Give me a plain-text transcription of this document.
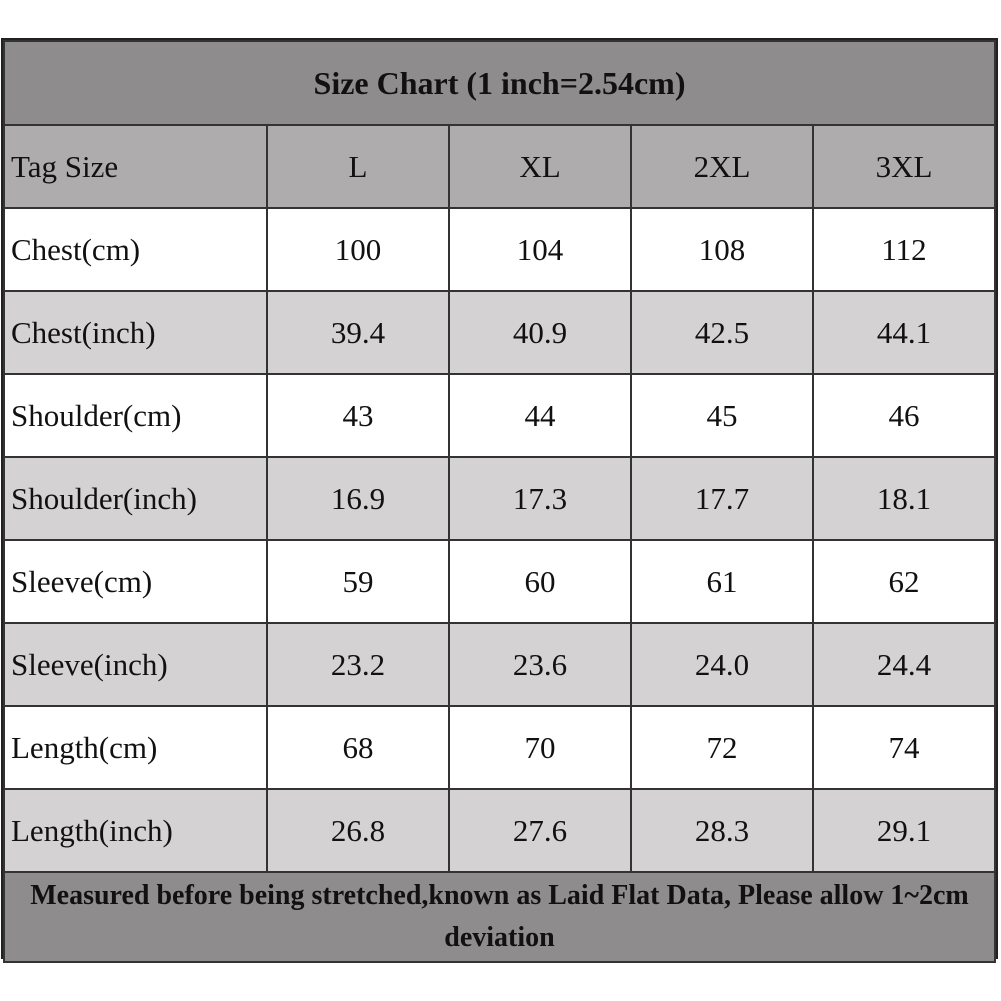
Size Chart (1 inch=2.54cm)				
Tag Size	L	XL	2XL	3XL
Chest(cm)	100	104	108	112
Chest(inch)	39.4	40.9	42.5	44.1
Shoulder(cm)	43	44	45	46
Shoulder(inch)	16.9	17.3	17.7	18.1
Sleeve(cm)	59	60	61	62
Sleeve(inch)	23.2	23.6	24.0	24.4
Length(cm)	68	70	72	74
Length(inch)	26.8	27.6	28.3	29.1
Measured before being stretched,known as Laid Flat Data, Please allow 1~2cm deviation				
